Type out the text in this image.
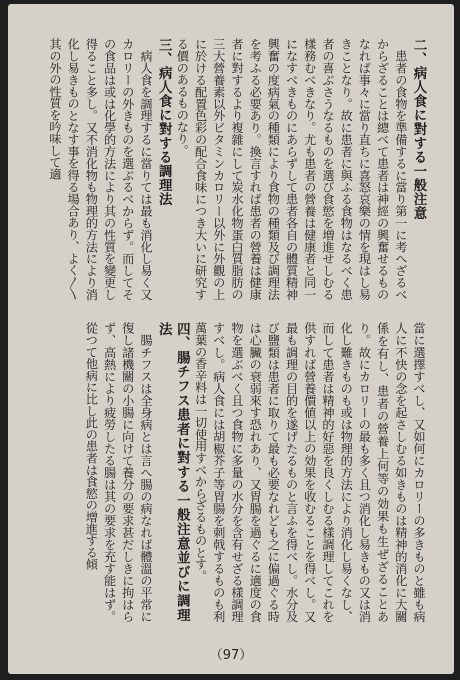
二、病人食に對する一般注意

　患者の食物を準備するに當り第一に考へざるべからざることは總べて患者は神經の興奮せるものなれば事々に當り直ちに喜怒哀樂の情を現はし易きことなり。故に患者に與ふる食物はなるべく患者の喜ぶさうなるものを選び食慾を増進せしむる樣務むべきなり。尤も患者の營養は健康者と同一になすべきものにあらずして患者各自の體質精神興奮の度病氣の種類により食物の種類及び調理法を考ふる必要あり。換言すれば患者の營養は健康者に對するより複雜にして炭水化物蛋白質脂肪の三大營養素以外ビタミンカロリー以外に外觀の上に於ける配置色彩の配合食味につき大いに研究する價のあるものなり。

三、病人食に對する調理法

　病人食を調理するに當りては最も消化し易く又カロリーの外きものを選ぶるべからず。而してその食品は或は化學的方法により其の性質を變更し得ること多し。又不消化物も物理的方法により消化し易きものとなす事を得る場合あり、よく〳〵其の外の性質を吟味して適

當に選擇すべし、又如何にカロリーの多きものと雖も病人に不快の念を起さしむる如きものは精神的消化に大關係を有し、患者の營養上何等の効果も生ぜざることあり。故にカロリーの最も多く且つ消化し易きもの又は消化し難きものも或は物理的方法により消化し易くなし、而して患者は精神的好惡を良くしむる樣調理してこれを供すれば營養價値以上の効果を收むることを得べし。又最も調理の目的を遂げたるものと言ふを得べし。水分及び鹽類は患者に取りて最も必要なれども之に偏過ぐる時は心臟の衰弱來す恐れあり、又胃腸を過ぐるに適度の食物を選ぶべく且つ食物に多量の水分を含有せざる樣調理すべし。病人食には胡椒芥子等胃腸を刺戟するものも利萬葉の香辛料は一切使用すべからざるものとす。

四、腸チフス患者に對する一般注意並びに調理法

　腸チフスは全身病とは言へ腸の病なれば體溫の平常に復し諸機關の小腸に向けて養分の要求甚だしきに拘はらず、高熱により疲勞したる腸は其の要求を充す能はず。從つて他病に比し此の患者は食慾の增進する傾

（97）
